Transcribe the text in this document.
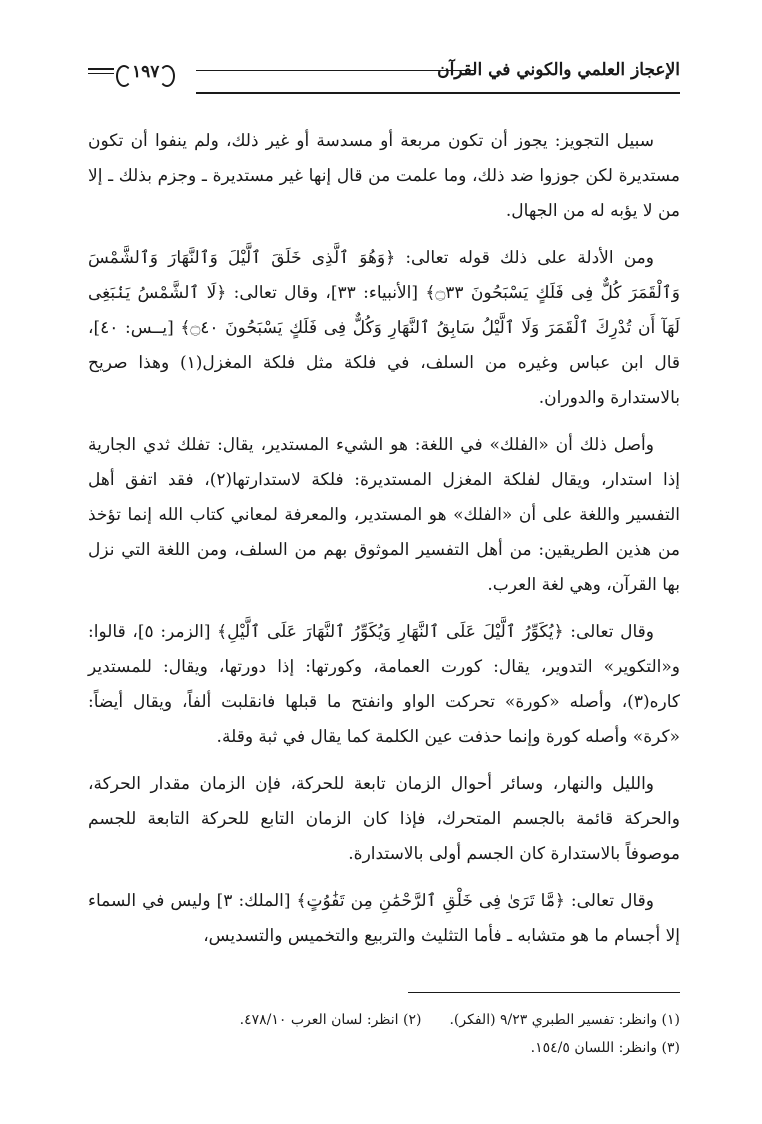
١٩٧	الإعجاز العلمي والكوني في القرآن

سبيل التجويز: يجوز أن تكون مربعة أو مسدسة أو غير ذلك، ولم ينفوا أن تكون مستديرة لكن جوزوا ضد ذلك، وما علمت من قال إنها غير مستديرة ـ وجزم بذلك ـ إلا من لا يؤبه له من الجهال.

ومن الأدلة على ذلك قوله تعالى: ﴿وَهُوَ ٱلَّذِى خَلَقَ ٱلَّيْلَ وَٱلنَّهَارَ وَٱلشَّمْسَ وَٱلْقَمَرَ كُلٌّ فِى فَلَكٍ يَسْبَحُونَ ۝٣٣﴾ [الأنبياء: ٣٣]، وقال تعالى: ﴿لَا ٱلشَّمْسُ يَنۢبَغِى لَهَآ أَن تُدْرِكَ ٱلْقَمَرَ وَلَا ٱلَّيْلُ سَابِقُ ٱلنَّهَارِ وَكُلٌّ فِى فَلَكٍ يَسْبَحُونَ ۝٤٠﴾ [يــس: ٤٠]، قال ابن عباس وغيره من السلف، في فلكة مثل فلكة المغزل(١) وهذا صريح بالاستدارة والدوران.

وأصل ذلك أن «الفلك» في اللغة: هو الشيء المستدير، يقال: تفلك ثدي الجارية إذا استدار، ويقال لفلكة المغزل المستديرة: فلكة لاستدارتها(٢)، فقد اتفق أهل التفسير واللغة على أن «الفلك» هو المستدير، والمعرفة لمعاني كتاب الله إنما تؤخذ من هذين الطريقين: من أهل التفسير الموثوق بهم من السلف، ومن اللغة التي نزل بها القرآن، وهي لغة العرب.

وقال تعالى: ﴿يُكَوِّرُ ٱلَّيْلَ عَلَى ٱلنَّهَارِ وَيُكَوِّرُ ٱلنَّهَارَ عَلَى ٱلَّيْلِ﴾ [الزمر: ٥]، قالوا: و«التكوير» التدوير، يقال: كورت العمامة، وكورتها: إذا دورتها، ويقال: للمستدير كاره(٣)، وأصله «كورة» تحركت الواو وانفتح ما قبلها فانقلبت ألفاً، ويقال أيضاً: «كرة» وأصله كورة وإنما حذفت عين الكلمة كما يقال في ثبة وقلة.

والليل والنهار، وسائر أحوال الزمان تابعة للحركة، فإن الزمان مقدار الحركة، والحركة قائمة بالجسم المتحرك، فإذا كان الزمان التابع للحركة التابعة للجسم موصوفاً بالاستدارة كان الجسم أولى بالاستدارة.

وقال تعالى: ﴿مَّا تَرَىٰ فِى خَلْقِ ٱلرَّحْمَٰنِ مِن تَفَٰوُتٍ﴾ [الملك: ٣] وليس في السماء إلا أجسام ما هو متشابه ـ فأما التثليث والتربيع والتخميس والتسديس،

(١) وانظر: تفسير الطبري ٩/٢٣ (الفكر).(٢) انظر: لسان العرب ٤٧٨/١٠.
(٣) وانظر: اللسان ١٥٤/٥.
